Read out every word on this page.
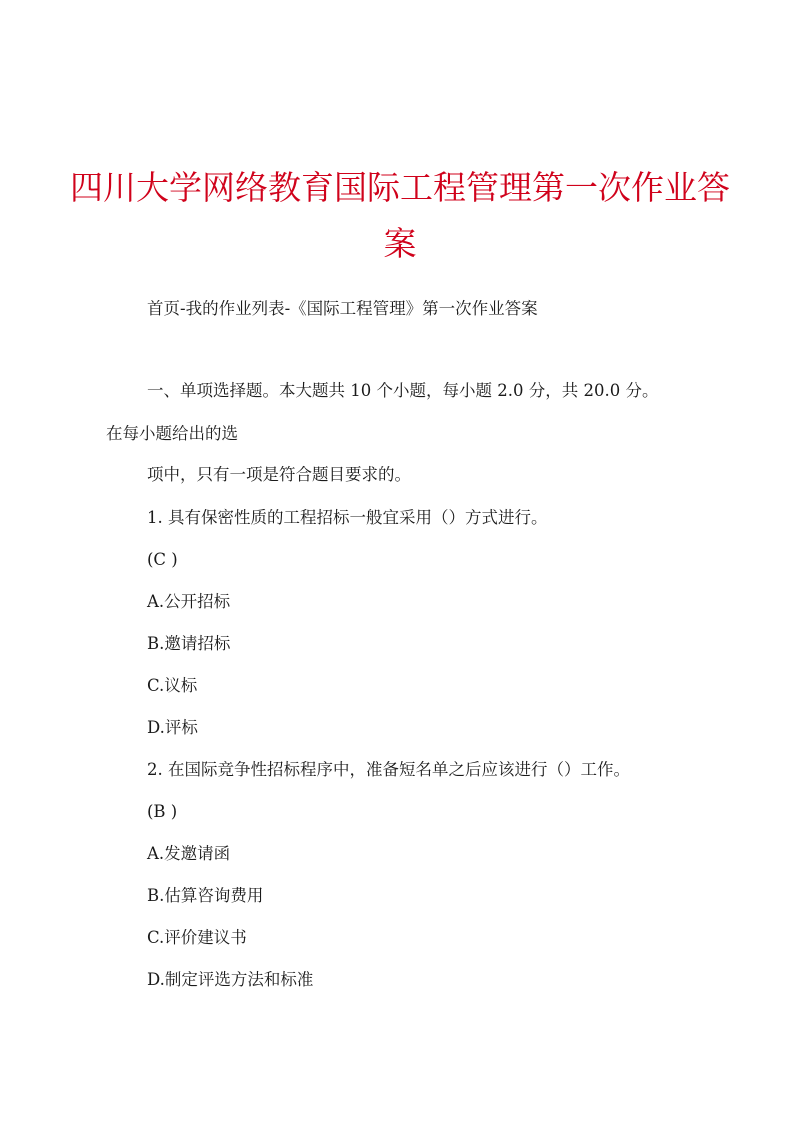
四川大学网络教育国际工程管理第一次作业答
案
首页-我的作业列表-《国际工程管理》第一次作业答案
一、单项选择题。本大题共 10 个小题，每小题 2.0 分，共 20.0 分。
在每小题给出的选
项中，只有一项是符合题目要求的。
1. 具有保密性质的工程招标一般宜采用（）方式进行。
(C )
A.公开招标
B.邀请招标
C.议标
D.评标
2. 在国际竞争性招标程序中，准备短名单之后应该进行（）工作。
(B )
A.发邀请函
B.估算咨询费用
C.评价建议书
D.制定评选方法和标准
